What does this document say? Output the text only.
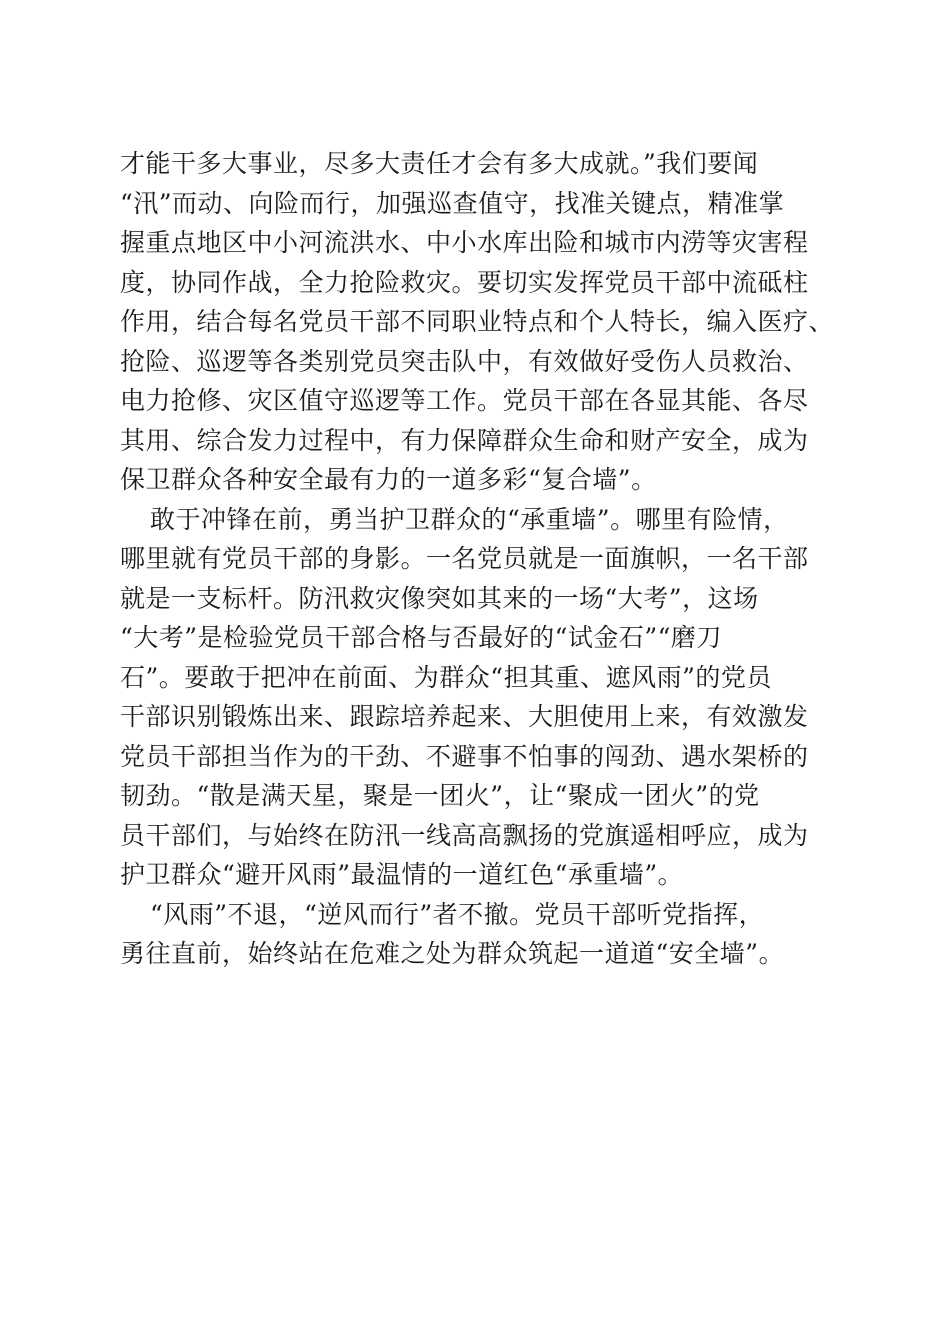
才能干多大事业，尽多大责任才会有多大成就。”我们要闻
“汛”而动、向险而行，加强巡查值守，找准关键点，精准掌
握重点地区中小河流洪水、中小水库出险和城市内涝等灾害程
度，协同作战，全力抢险救灾。要切实发挥党员干部中流砥柱
作用，结合每名党员干部不同职业特点和个人特长，编入医疗、
抢险、巡逻等各类别党员突击队中，有效做好受伤人员救治、
电力抢修、灾区值守巡逻等工作。党员干部在各显其能、各尽
其用、综合发力过程中，有力保障群众生命和财产安全，成为
保卫群众各种安全最有力的一道多彩“复合墙”。
敢于冲锋在前，勇当护卫群众的“承重墙”。哪里有险情，
哪里就有党员干部的身影。一名党员就是一面旗帜，一名干部
就是一支标杆。防汛救灾像突如其来的一场“大考”，这场
“大考”是检验党员干部合格与否最好的“试金石”“磨刀
石”。要敢于把冲在前面、为群众“担其重、遮风雨”的党员
干部识别锻炼出来、跟踪培养起来、大胆使用上来，有效激发
党员干部担当作为的干劲、不避事不怕事的闯劲、遇水架桥的
韧劲。“散是满天星，聚是一团火”，让“聚成一团火”的党
员干部们，与始终在防汛一线高高飘扬的党旗遥相呼应，成为
护卫群众“避开风雨”最温情的一道红色“承重墙”。
“风雨”不退，“逆风而行”者不撤。党员干部听党指挥，
勇往直前，始终站在危难之处为群众筑起一道道“安全墙”。
